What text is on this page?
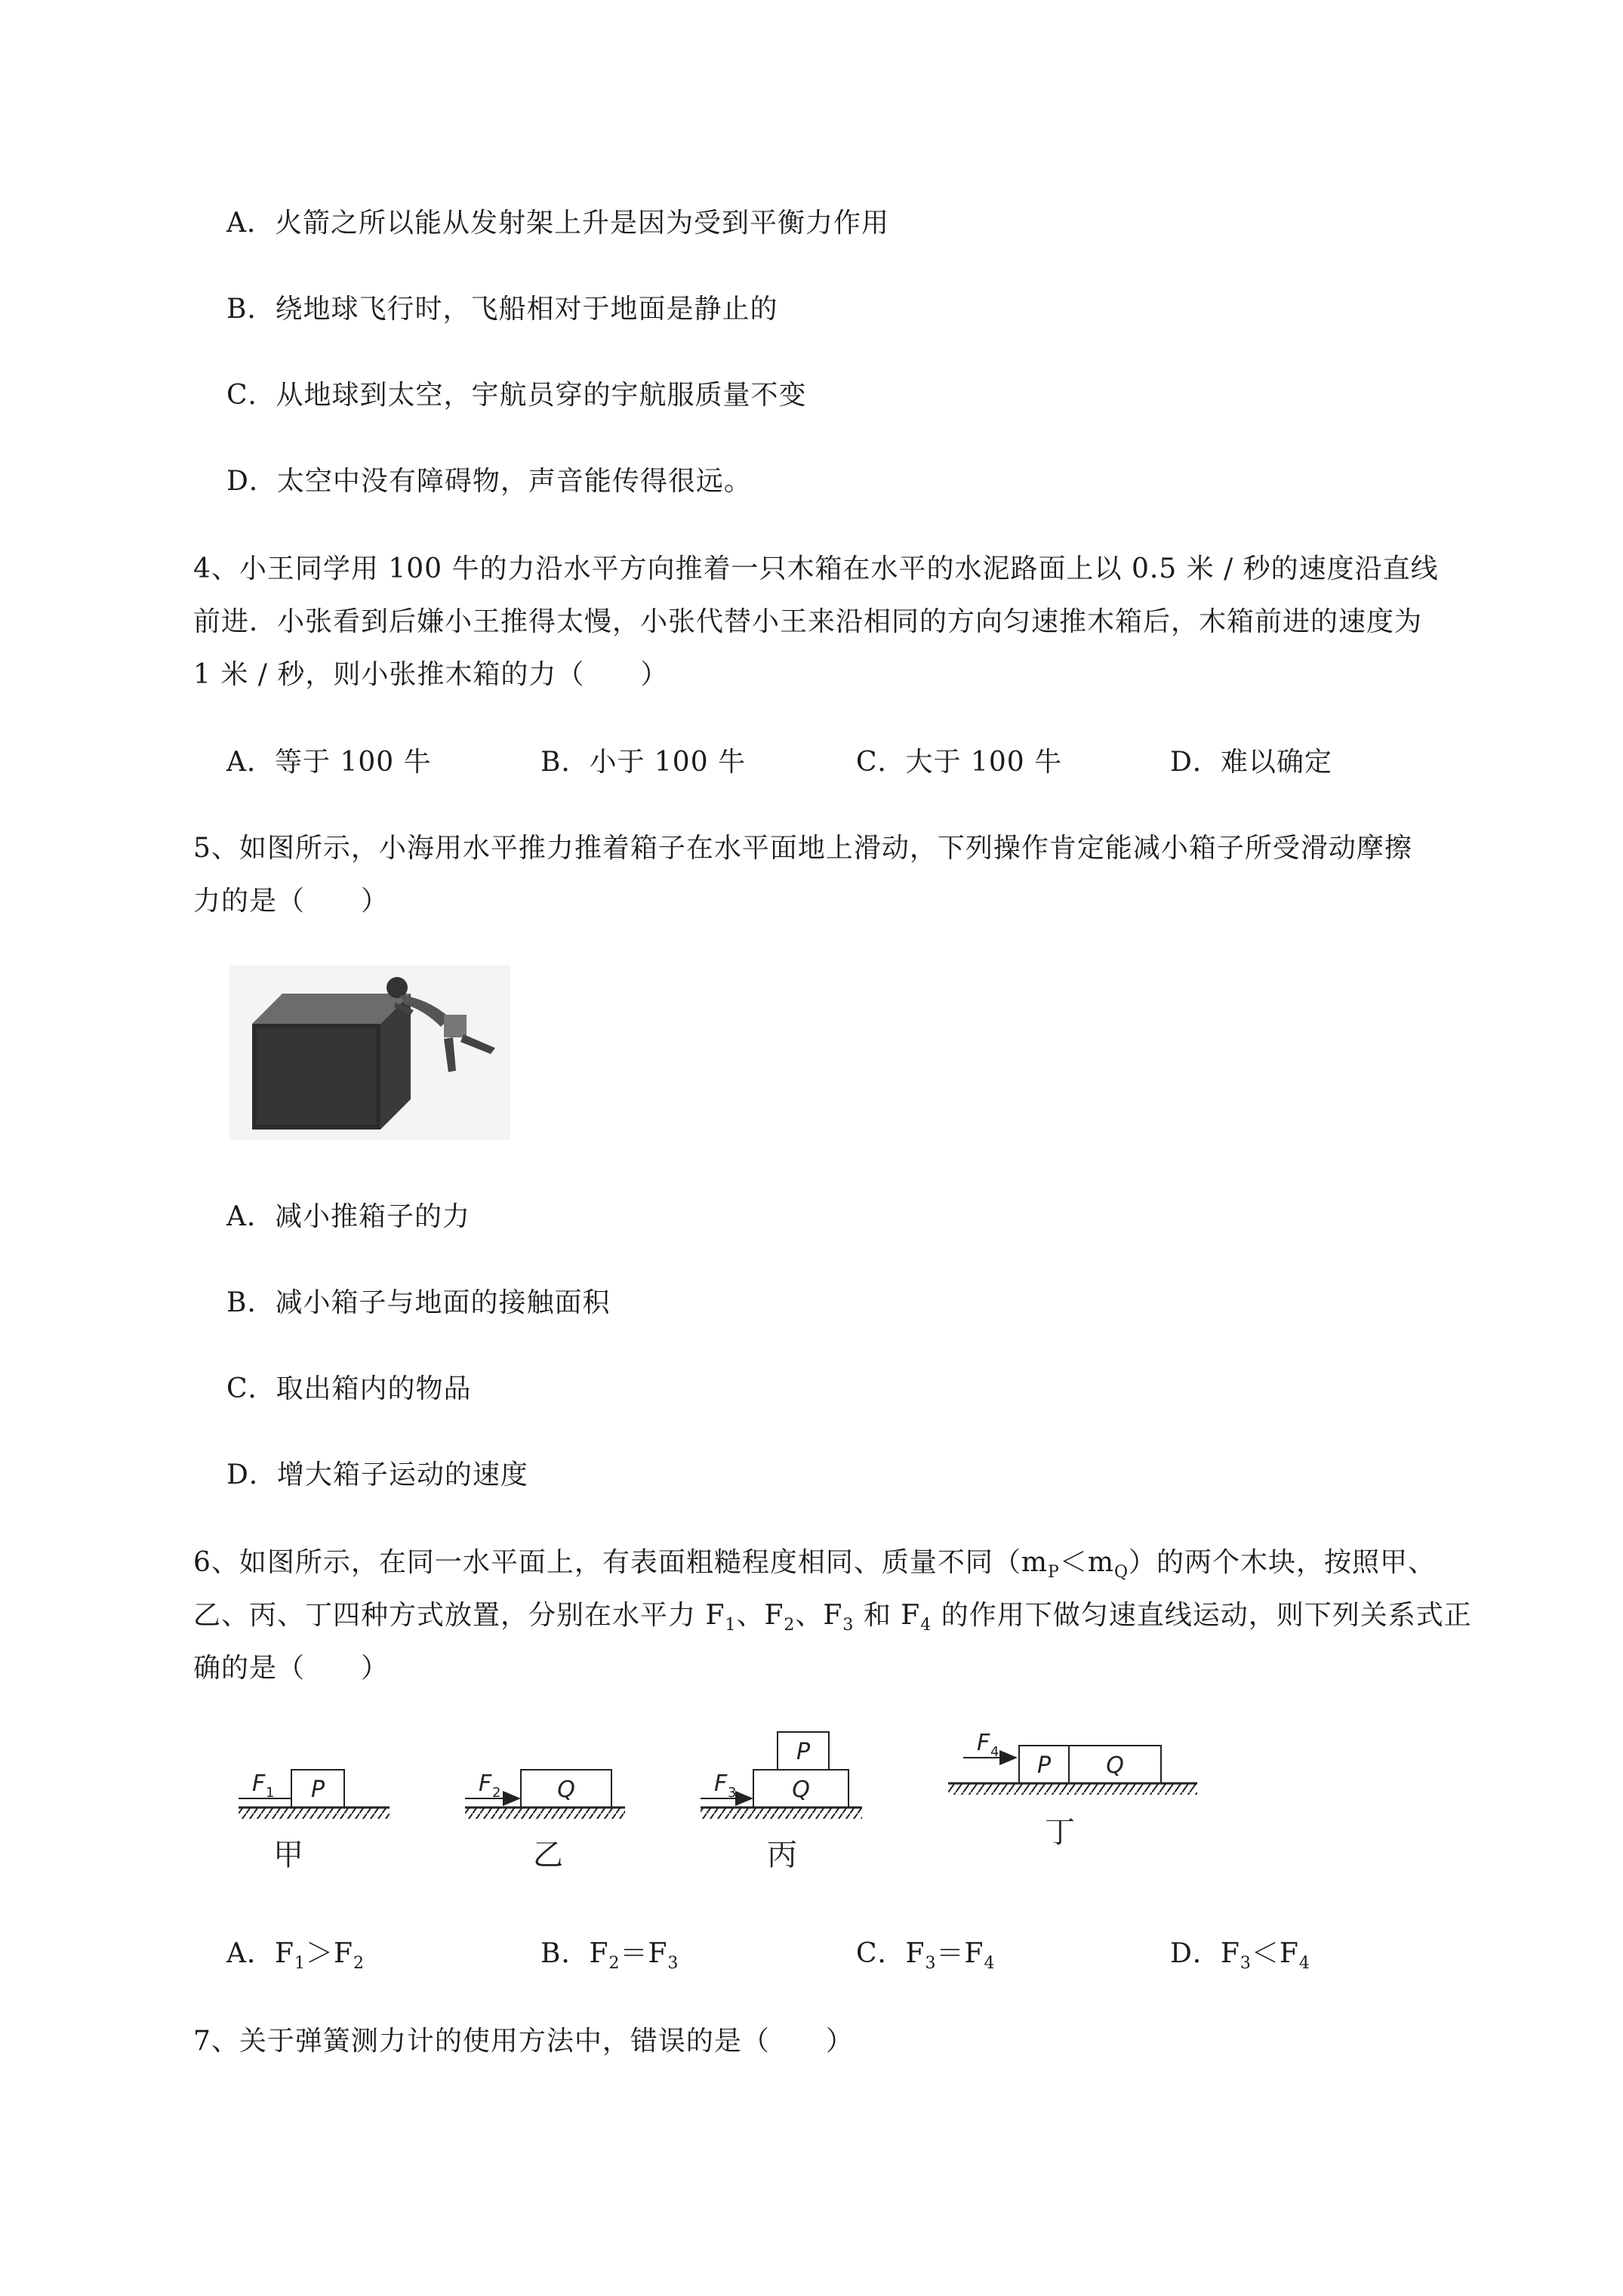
A．火箭之所以能从发射架上升是因为受到平衡力作用
B．绕地球飞行时，飞船相对于地面是静止的
C．从地球到太空，宇航员穿的宇航服质量不变
D．太空中没有障碍物，声音能传得很远。
4、小王同学用 100 牛的力沿水平方向推着一只木箱在水平的水泥路面上以 0.5 米 / 秒的速度沿直线
前进．小张看到后嫌小王推得太慢，小张代替小王来沿相同的方向匀速推木箱后，木箱前进的速度为
1 米 / 秒，则小张推木箱的力（　　）
A．等于 100 牛	B．小于 100 牛	C．大于 100 牛	D．难以确定
5、如图所示，小海用水平推力推着箱子在水平面地上滑动，下列操作肯定能减小箱子所受滑动摩擦
力的是（　　）
A．减小推箱子的力
B．减小箱子与地面的接触面积
C．取出箱内的物品
D．增大箱子运动的速度
6、如图所示，在同一水平面上，有表面粗糙程度相同、质量不同$(m_P<m_Q)$的两个木块，按照甲、
乙、丙、丁四种方式放置，分别在水平力 $F_1$、$F_2$、$F_3$ 和 $F_4$ 的作用下做匀速直线运动，则下列关系式正
确的是（　　）
F 1 P
甲
F 2 Q
乙
F 3
P
Q
丙
F 4
P Q
丁
A．$F_1>F_2$	B．$F_2=F_3$	C．$F_3=F_4$	D．$F_3<F_4$
7、关于弹簧测力计的使用方法中，错误的是（　　）
